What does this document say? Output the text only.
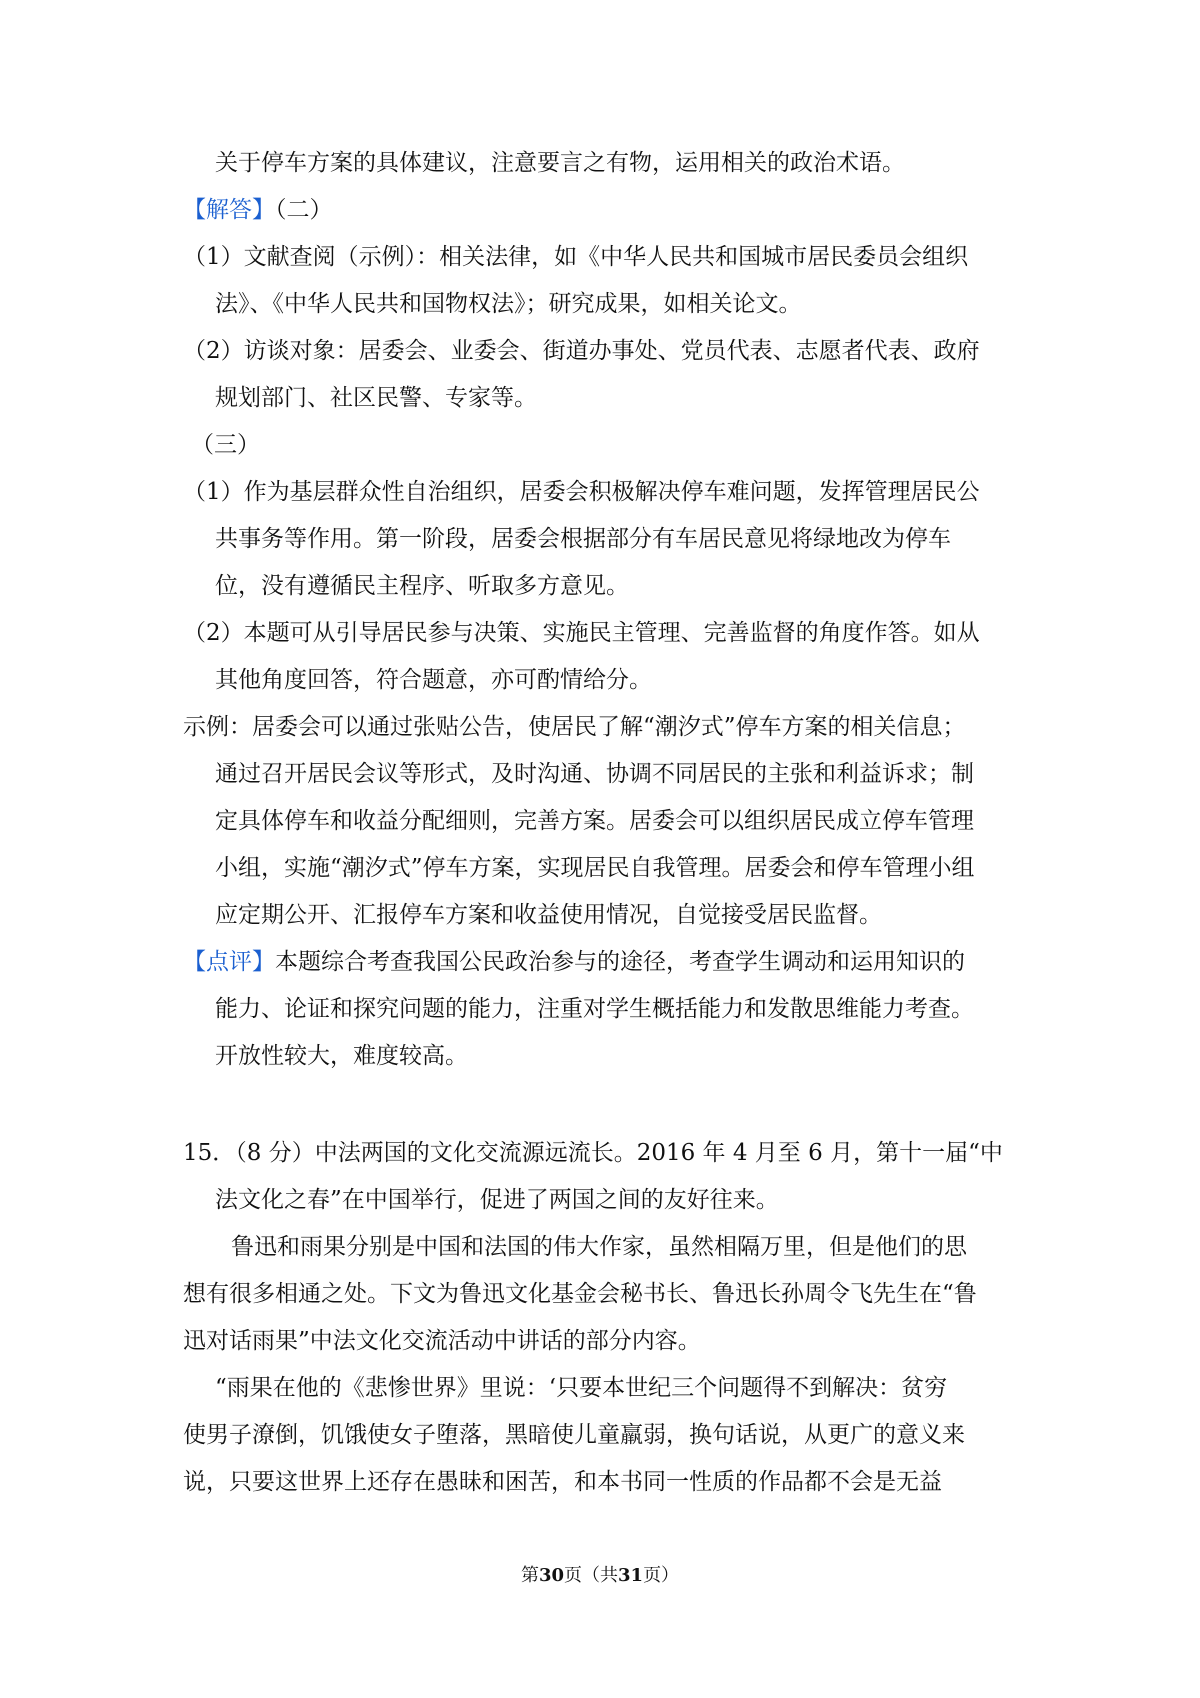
关于停车方案的具体建议，注意要言之有物，运用相关的政治术语。
【解答】（二）
（1）文献查阅（示例）：相关法律，如《中华人民共和国城市居民委员会组织
法》、《中华人民共和国物权法》；研究成果，如相关论文。
（2）访谈对象：居委会、业委会、街道办事处、党员代表、志愿者代表、政府
规划部门、社区民警、专家等。
（三）
（1）作为基层群众性自治组织，居委会积极解决停车难问题，发挥管理居民公
共事务等作用。第一阶段，居委会根据部分有车居民意见将绿地改为停车
位，没有遵循民主程序、听取多方意见。
（2）本题可从引导居民参与决策、实施民主管理、完善监督的角度作答。如从
其他角度回答，符合题意，亦可酌情给分。
示例：居委会可以通过张贴公告，使居民了解“潮汐式”停车方案的相关信息；
通过召开居民会议等形式，及时沟通、协调不同居民的主张和利益诉求；制
定具体停车和收益分配细则，完善方案。居委会可以组织居民成立停车管理
小组，实施“潮汐式”停车方案，实现居民自我管理。居委会和停车管理小组
应定期公开、汇报停车方案和收益使用情况，自觉接受居民监督。
【点评】本题综合考查我国公民政治参与的途径，考查学生调动和运用知识的
能力、论证和探究问题的能力，注重对学生概括能力和发散思维能力考查。
开放性较大，难度较高。
15．（8 分）中法两国的文化交流源远流长。2016 年 4 月至 6 月，第十一届“中
法文化之春”在中国举行，促进了两国之间的友好往来。
鲁迅和雨果分别是中国和法国的伟大作家，虽然相隔万里，但是他们的思
想有很多相通之处。下文为鲁迅文化基金会秘书长、鲁迅长孙周令飞先生在“鲁
迅对话雨果”中法文化交流活动中讲话的部分内容。
“雨果在他的《悲惨世界》里说：‘只要本世纪三个问题得不到解决：贫穷
使男子潦倒，饥饿使女子堕落，黑暗使儿童羸弱，换句话说，从更广的意义来
说，只要这世界上还存在愚昧和困苦，和本书同一性质的作品都不会是无益
第30页（共31页）
